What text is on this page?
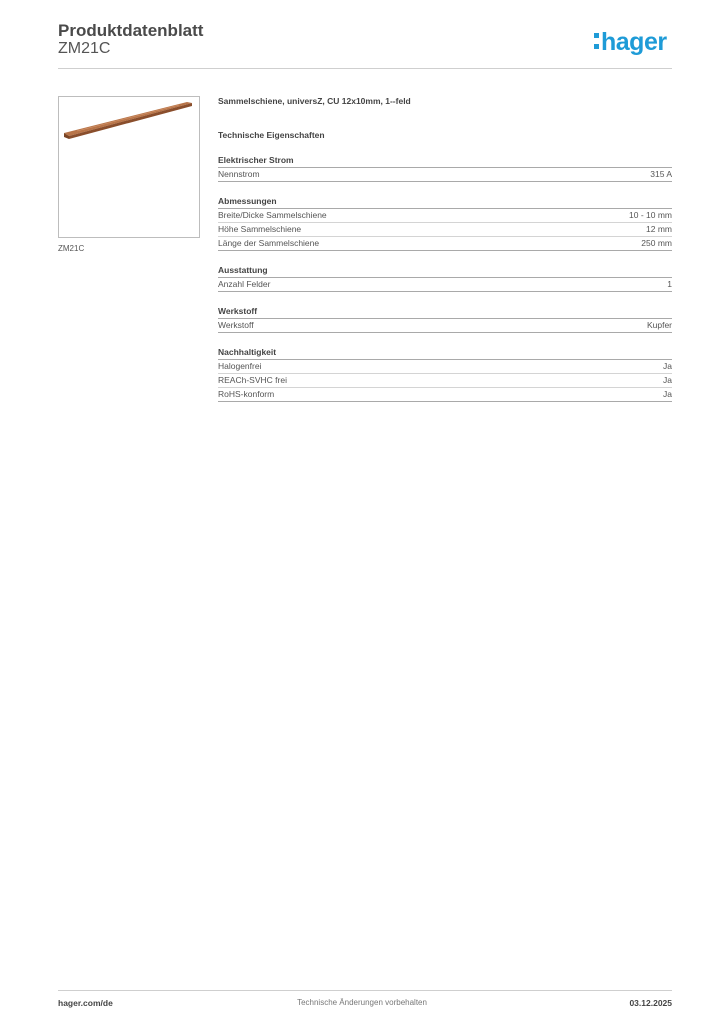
Produktdatenblatt
ZM21C	hager
ZM21C
Sammelschiene, universZ, CU 12x10mm, 1--feld
Technische Eigenschaften
Elektrischer Strom
Nennstrom	315 A
Abmessungen
Breite/Dicke Sammelschiene	10 - 10 mm
Höhe Sammelschiene	12 mm
Länge der Sammelschiene	250 mm
Ausstattung
Anzahl Felder	1
Werkstoff
Werkstoff	Kupfer
Nachhaltigkeit
Halogenfrei	Ja
REACh-SVHC frei	Ja
RoHS-konform	Ja
hager.com/de	Technische Änderungen vorbehalten	03.12.2025
